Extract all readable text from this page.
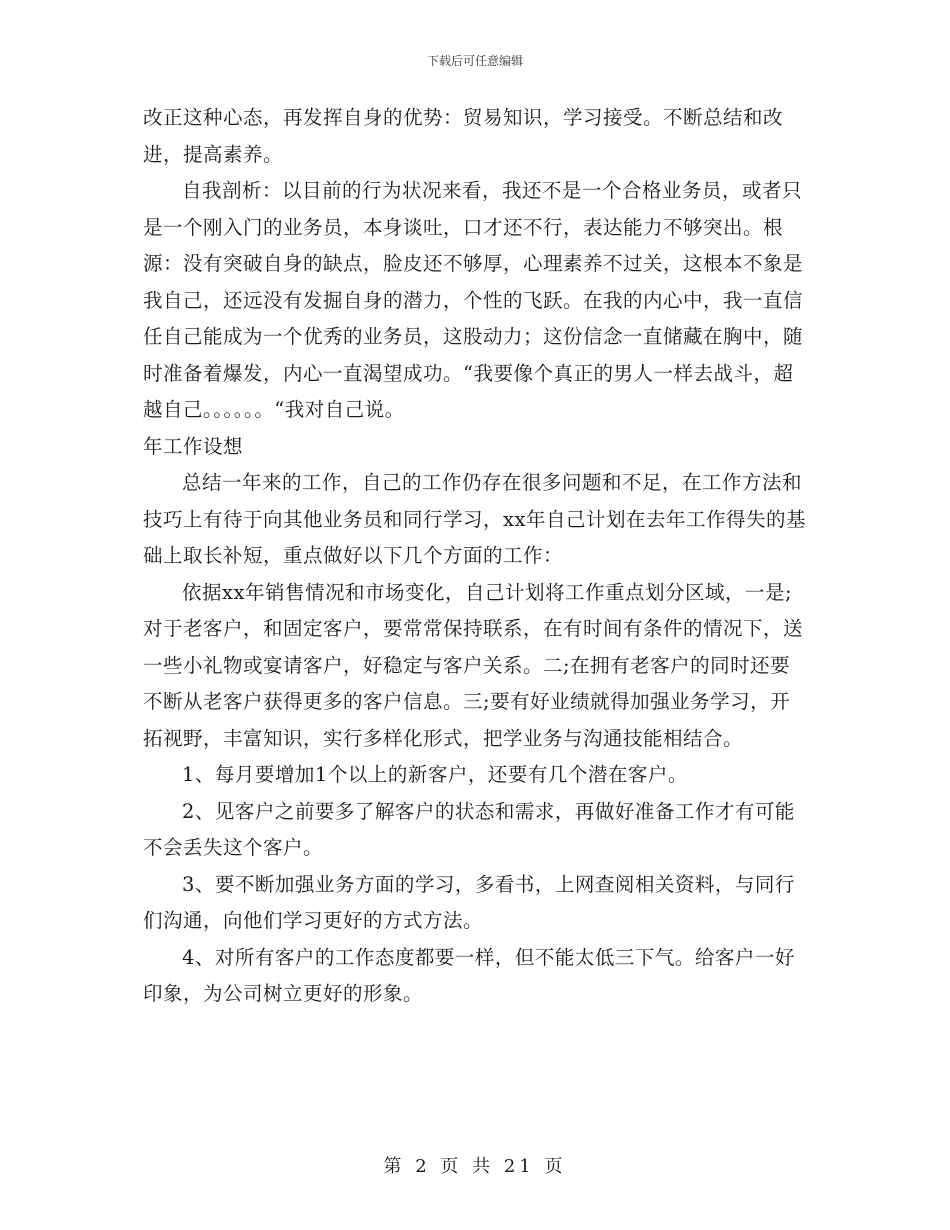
下载后可任意编辑

改正这种心态，再发挥自身的优势：贸易知识，学习接受。不断总结和改进，提高素养。

自我剖析：以目前的行为状况来看，我还不是一个合格业务员，或者只是一个刚入门的业务员，本身谈吐，口才还不行，表达能力不够突出。根源：没有突破自身的缺点，脸皮还不够厚，心理素养不过关，这根本不象是我自己，还远没有发掘自身的潜力，个性的飞跃。在我的内心中，我一直信任自己能成为一个优秀的业务员，这股动力；这份信念一直储藏在胸中，随时准备着爆发，内心一直渴望成功。“我要像个真正的男人一样去战斗，超越自己。。。。。。“我对自己说。

年工作设想

总结一年来的工作，自己的工作仍存在很多问题和不足，在工作方法和技巧上有待于向其他业务员和同行学习，xx年自己计划在去年工作得失的基础上取长补短，重点做好以下几个方面的工作：

依据xx年销售情况和市场变化，自己计划将工作重点划分区域，一是;对于老客户，和固定客户，要常常保持联系，在有时间有条件的情况下，送一些小礼物或宴请客户，好稳定与客户关系。二;在拥有老客户的同时还要不断从老客户获得更多的客户信息。三;要有好业绩就得加强业务学习，开拓视野，丰富知识，实行多样化形式，把学业务与沟通技能相结合。

1、每月要增加1个以上的新客户，还要有几个潜在客户。

2、见客户之前要多了解客户的状态和需求，再做好准备工作才有可能不会丢失这个客户。

3、要不断加强业务方面的学习，多看书，上网查阅相关资料，与同行们沟通，向他们学习更好的方式方法。

4、对所有客户的工作态度都要一样，但不能太低三下气。给客户一好印象，为公司树立更好的形象。

第 2 页 共 21 页
